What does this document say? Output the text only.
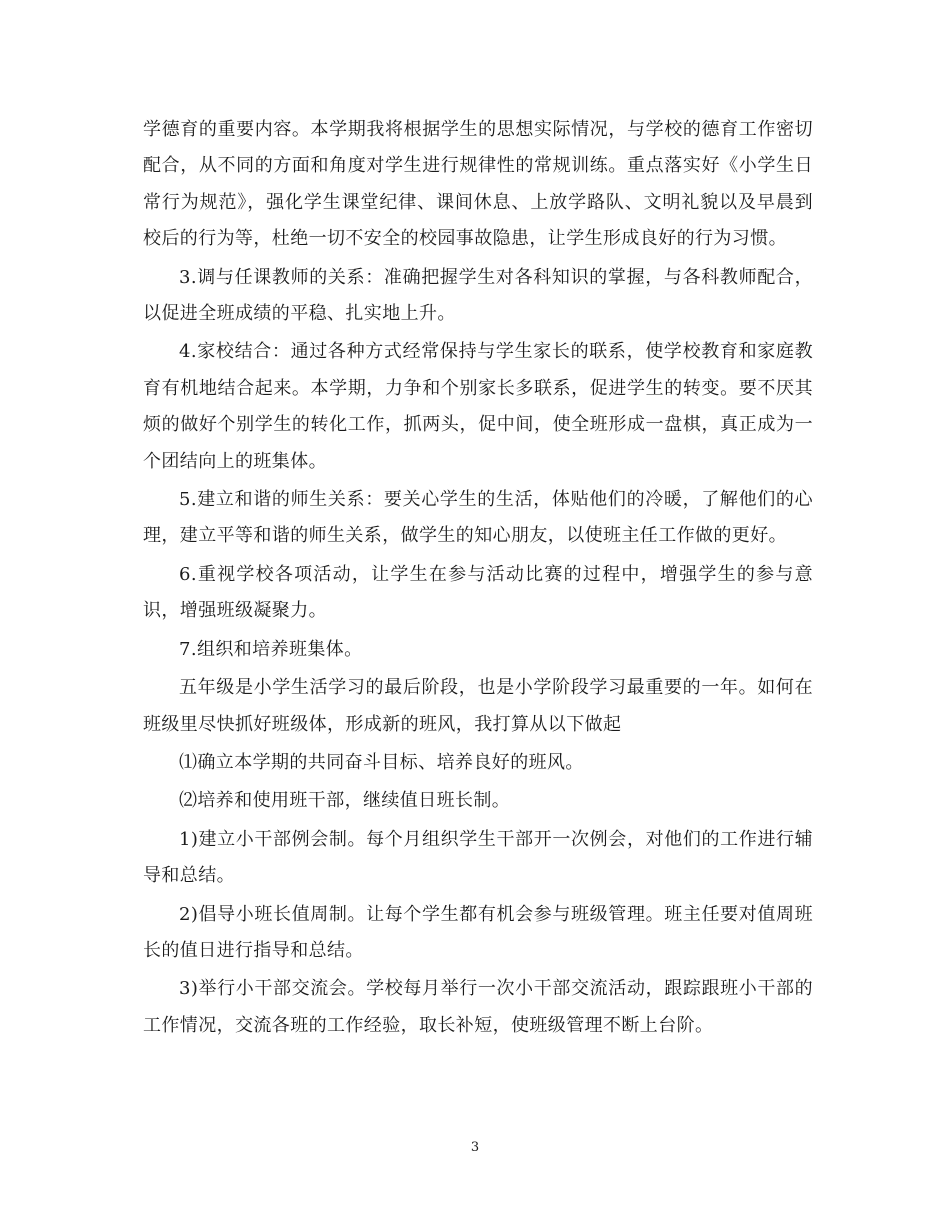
学德育的重要内容。本学期我将根据学生的思想实际情况，与学校的德育工作密切配合，从不同的方面和角度对学生进行规律性的常规训练。重点落实好《小学生日常行为规范》，强化学生课堂纪律、课间休息、上放学路队、文明礼貌以及早晨到校后的行为等，杜绝一切不安全的校园事故隐患，让学生形成良好的行为习惯。

3.调与任课教师的关系：准确把握学生对各科知识的掌握，与各科教师配合，以促进全班成绩的平稳、扎实地上升。

4.家校结合：通过各种方式经常保持与学生家长的联系，使学校教育和家庭教育有机地结合起来。本学期，力争和个别家长多联系，促进学生的转变。要不厌其烦的做好个别学生的转化工作，抓两头，促中间，使全班形成一盘棋，真正成为一个团结向上的班集体。

5.建立和谐的师生关系：要关心学生的生活，体贴他们的冷暖，了解他们的心理，建立平等和谐的师生关系，做学生的知心朋友，以使班主任工作做的更好。

6.重视学校各项活动，让学生在参与活动比赛的过程中，增强学生的参与意识，增强班级凝聚力。

7.组织和培养班集体。

五年级是小学生活学习的最后阶段，也是小学阶段学习最重要的一年。如何在班级里尽快抓好班级体，形成新的班风，我打算从以下做起

⑴确立本学期的共同奋斗目标、培养良好的班风。

⑵培养和使用班干部，继续值日班长制。

1)建立小干部例会制。每个月组织学生干部开一次例会，对他们的工作进行辅导和总结。

2)倡导小班长值周制。让每个学生都有机会参与班级管理。班主任要对值周班长的值日进行指导和总结。

3)举行小干部交流会。学校每月举行一次小干部交流活动，跟踪跟班小干部的工作情况，交流各班的工作经验，取长补短，使班级管理不断上台阶。

3
